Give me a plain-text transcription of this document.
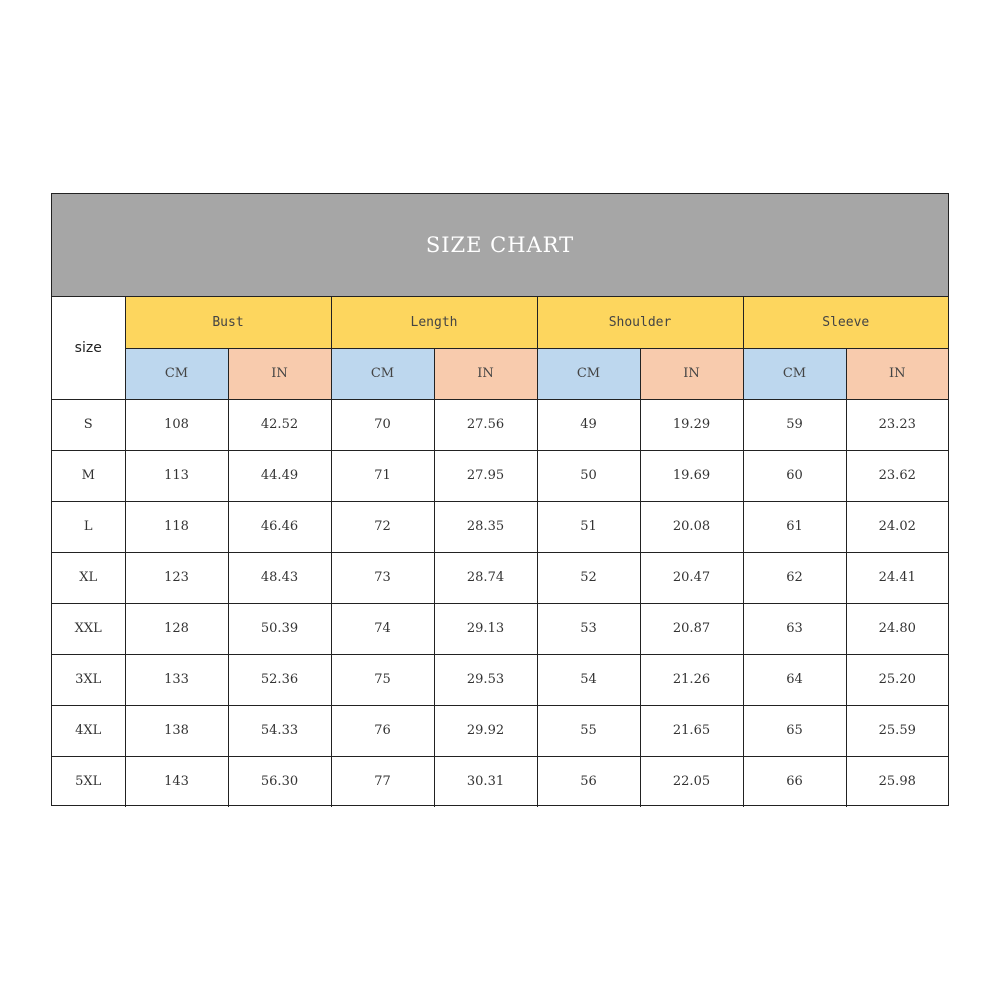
SIZE CHART
size	Bust		Length		Shoulder		Sleeve	
	CM	IN	CM	IN	CM	IN	CM	IN
S	108	42.52	70	27.56	49	19.29	59	23.23
M	113	44.49	71	27.95	50	19.69	60	23.62
L	118	46.46	72	28.35	51	20.08	61	24.02
XL	123	48.43	73	28.74	52	20.47	62	24.41
XXL	128	50.39	74	29.13	53	20.87	63	24.80
3XL	133	52.36	75	29.53	54	21.26	64	25.20
4XL	138	54.33	76	29.92	55	21.65	65	25.59
5XL	143	56.30	77	30.31	56	22.05	66	25.98
